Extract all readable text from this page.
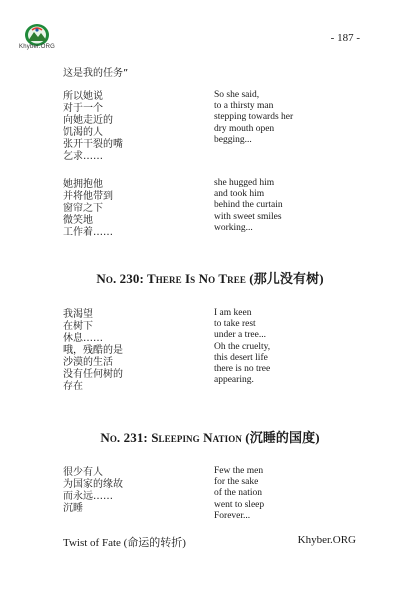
Khyber.ORG
- 187 -

这是我的任务”

所以她说
对于一个
向她走近的
饥渴的人
张开干裂的嘴
乞求……

So she said,
to a thirsty man
stepping towards her
dry mouth open
begging...

她拥抱他
并将他带到
窗帘之下
微笑地
工作着……

she hugged him
and took him
behind the curtain
with sweet smiles
working...

No. 230: There Is No Tree (那儿没有树)

我渴望
在树下
休息……
哦，残酷的是
沙漠的生活
没有任何树的
存在

I am keen
to take rest
under a tree...
Oh the cruelty,
this desert life
there is no tree
appearing.

No. 231: Sleeping Nation (沉睡的国度)

很少有人
为国家的缘故
而永远……
沉睡

Few the men
for the sake
of the nation
went to sleep
Forever...

Twist of Fate (命运的转折)	Khyber.ORG
